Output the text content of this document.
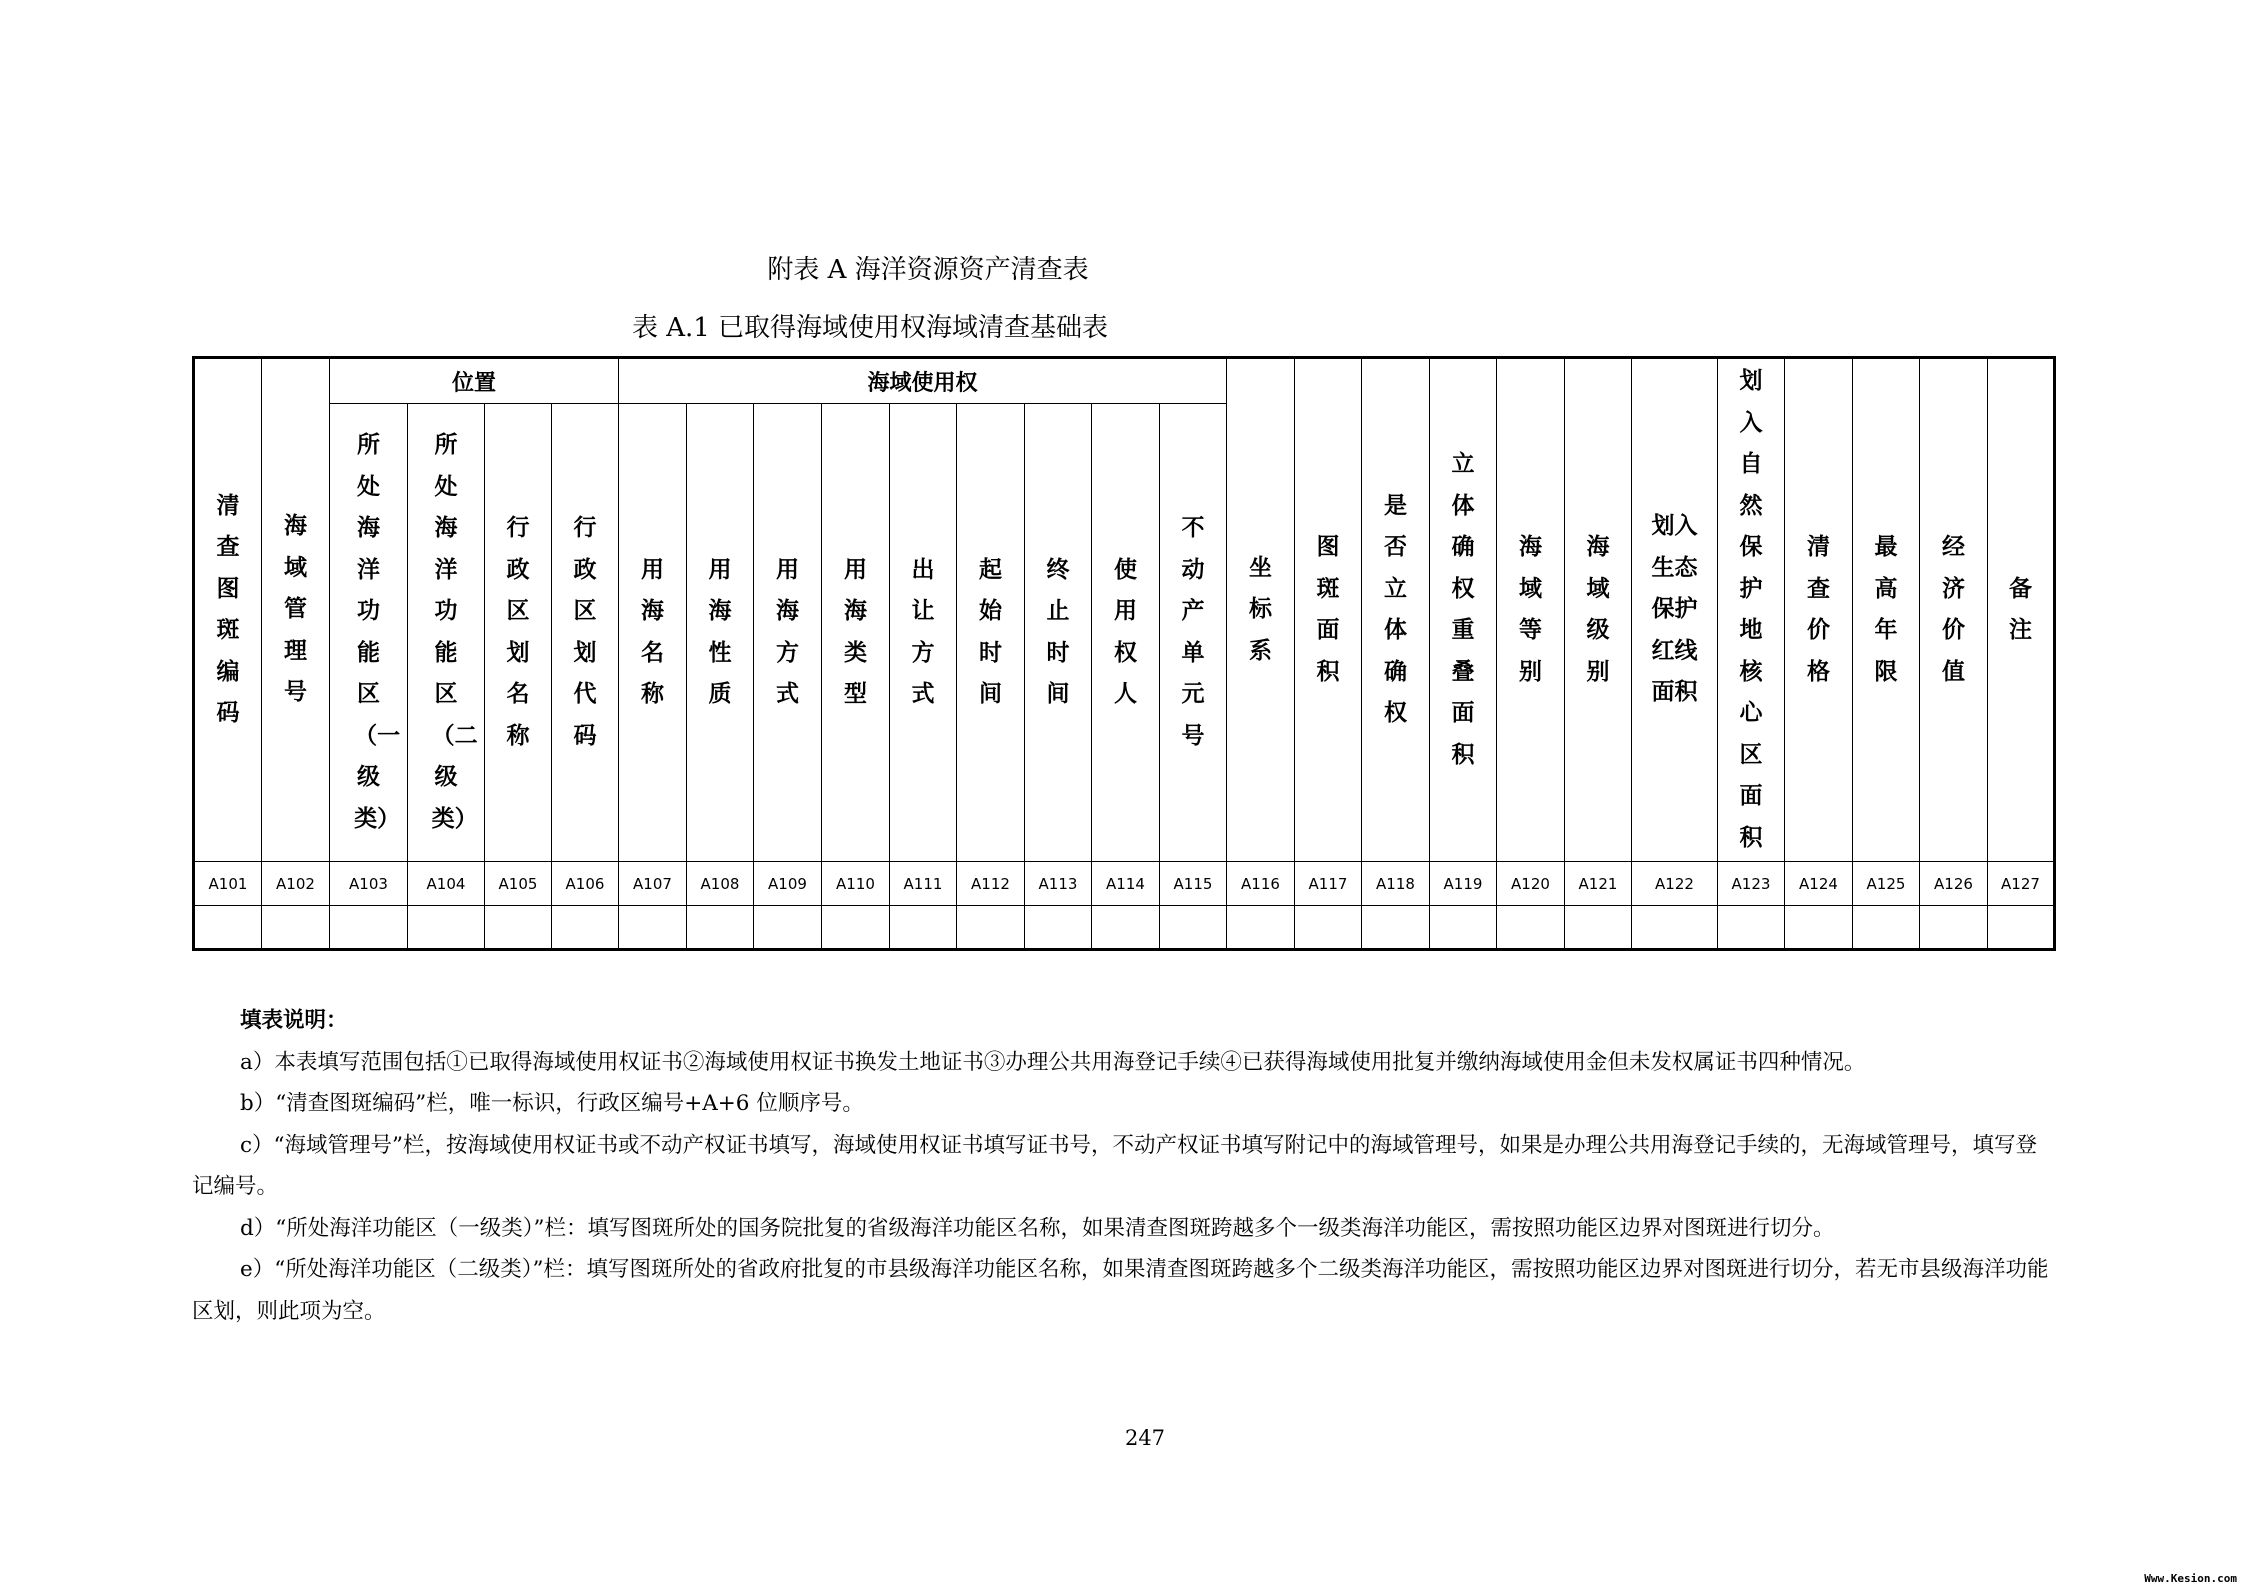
附表 A 海洋资源资产清查表
表 A.1 已取得海域使用权海域清查基础表
清查图斑编码	海域管理号	位置				海域使用权									坐标系	图斑面积	是否立体确权	立体确权重叠面积	海域等别	海域级别	划入生态保护红线面积	划入自然保护地核心区面积	清查价格	最高年限	经济价值	备注

		所处海洋功能区（一级类）	所处海洋功能区（二级类）	行政区划名称	行政区划代码	用海名称	用海性质	用海方式	用海类型	出让方式	起始时间	终止时间	使用权人	不动产单元号												

A101	A102	A103	A104	A105	A106	A107	A108	A109	A110	A111	A112	A113	A114	A115	A116	A117	A118	A119	A120	A121	A122	A123	A124	A125	A126	A127

填表说明：

a）本表填写范围包括①已取得海域使用权证书②海域使用权证书换发土地证书③办理公共用海登记手续④已获得海域使用批复并缴纳海域使用金但未发权属证书四种情况。

b）“清查图斑编码”栏，唯一标识，行政区编号+A+6 位顺序号。

c）“海域管理号”栏，按海域使用权证书或不动产权证书填写，海域使用权证书填写证书号，不动产权证书填写附记中的海域管理号，如果是办理公共用海登记手续的，无海域管理号，填写登记编号。

d）“所处海洋功能区（一级类）”栏：填写图斑所处的国务院批复的省级海洋功能区名称，如果清查图斑跨越多个一级类海洋功能区，需按照功能区边界对图斑进行切分。

e）“所处海洋功能区（二级类）”栏：填写图斑所处的省政府批复的市县级海洋功能区名称，如果清查图斑跨越多个二级类海洋功能区，需按照功能区边界对图斑进行切分，若无市县级海洋功能区划，则此项为空。

247
Www.Kesion.com
